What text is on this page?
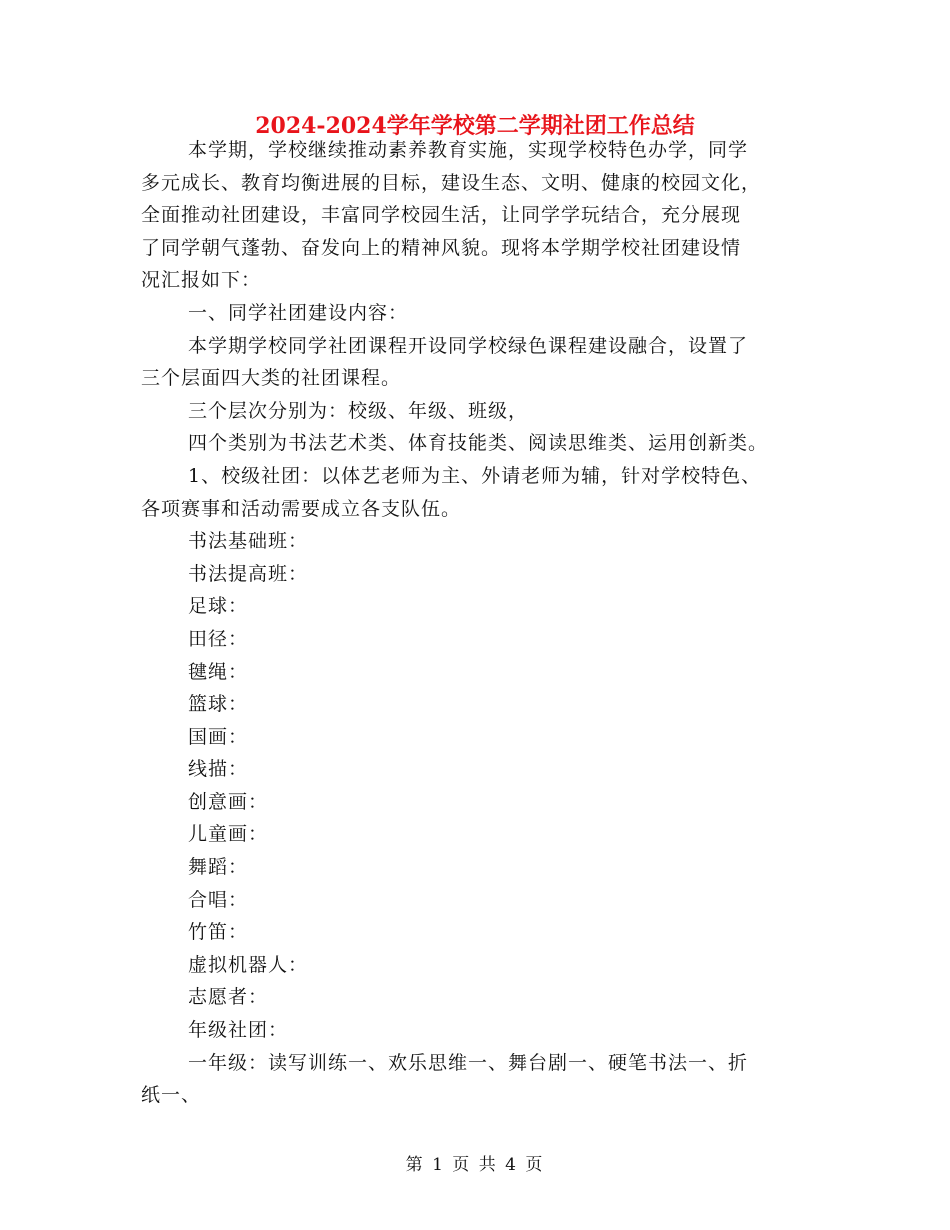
2024-2024学年学校第二学期社团工作总结
本学期，学校继续推动素养教育实施，实现学校特色办学，同学
多元成长、教育均衡进展的目标，建设生态、文明、健康的校园文化，
全面推动社团建设，丰富同学校园生活，让同学学玩结合，充分展现
了同学朝气蓬勃、奋发向上的精神风貌。现将本学期学校社团建设情
况汇报如下：
一、同学社团建设内容：
本学期学校同学社团课程开设同学校绿色课程建设融合，设置了
三个层面四大类的社团课程。
三个层次分别为：校级、年级、班级，
四个类别为书法艺术类、体育技能类、阅读思维类、运用创新类。
1、校级社团：以体艺老师为主、外请老师为辅，针对学校特色、
各项赛事和活动需要成立各支队伍。
书法基础班：
书法提高班：
足球：
田径：
毽绳：
篮球：
国画：
线描：
创意画：
儿童画：
舞蹈：
合唱：
竹笛：
虚拟机器人：
志愿者：
年级社团：
一年级：读写训练一、欢乐思维一、舞台剧一、硬笔书法一、折
纸一、
第 1 页 共 4 页
